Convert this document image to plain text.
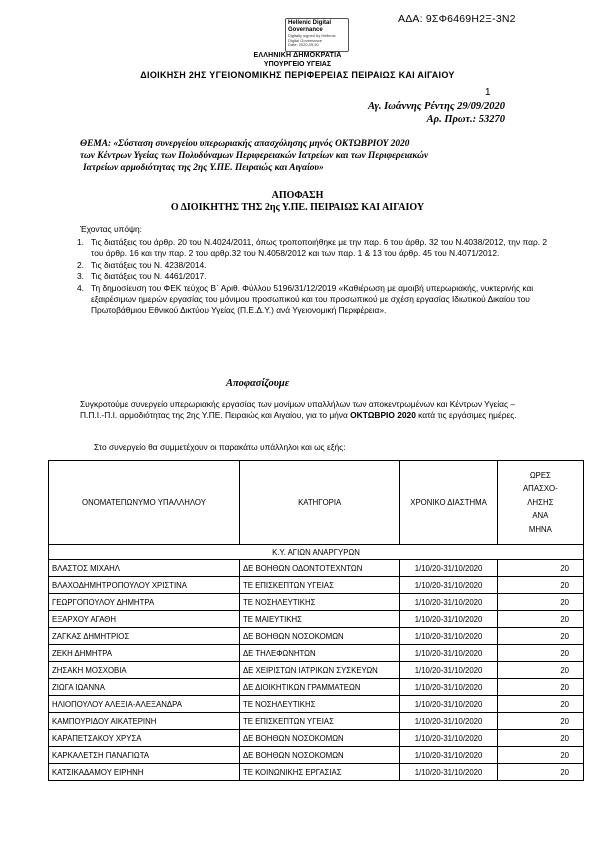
ΑΔΑ: 9ΣΦ6469Η2Ξ-3Ν2
Hellenic Digital Governance
Digitally signed by Hellenic Digital Governance
Date: 2020.09.30
ΕΛΛΗΝΙΚΗ ΔΗΜΟΚΡΑΤΙΑ
ΥΠΟΥΡΓΕΙΟ ΥΓΕΙΑΣ
ΔΙΟΙΚΗΣΗ 2ΗΣ ΥΓΕΙΟΝΟΜΙΚΗΣ ΠΕΡΙΦΕΡΕΙΑΣ ΠΕΙΡΑΙΩΣ ΚΑΙ ΑΙΓΑΙΟΥ
1
Αγ. Ιωάννης Ρέντης 29/09/2020
Αρ. Πρωτ.: 53270
ΘΕΜΑ: «Σύσταση συνεργείου υπερωριακής απασχόλησης μηνός ΟΚΤΩΒΡΙΟΥ 2020
των Κέντρων Υγείας των Πολυδύναμων Περιφερειακών Ιατρείων και των Περιφερειακών
Ιατρείων αρμοδιότητας της 2ης Υ.ΠΕ. Πειραιώς και Αιγαίου»
ΑΠΟΦΑΣΗ
Ο ΔΙΟΙΚΗΤΗΣ ΤΗΣ 2ης Υ.ΠΕ. ΠΕΙΡΑΙΩΣ ΚΑΙ ΑΙΓΑΙΟΥ
Έχοντας υπόψη:
1. Τις διατάξεις του άρθρ. 20 του Ν.4024/2011, όπως τροποποιήθηκε με την παρ. 6 του άρθρ. 32 του Ν.4038/2012, την παρ. 2 του άρθρ. 16 και την παρ. 2 του αρθρ.32 του Ν.4058/2012 και των παρ. 1 & 13 του άρθρ. 45 του Ν.4071/2012.
2. Τις διατάξεις του Ν. 4238/2014.
3. Τις διατάξεις του Ν. 4461/2017.
4. Τη δημοσίευση του ΦΕΚ τεύχος Β΄ Αριθ. Φύλλου 5196/31/12/2019 «Καθιέρωση με αμοιβή υπερωριακής, νυκτερινής και εξαιρέσιμων ημερών εργασίας του μόνιμου προσωπικού και του προσωπικού με σχέση εργασίας Ιδιωτικού Δικαίου του Πρωτοβάθμιου Εθνικού Δικτύου Υγείας (Π.Ε.Δ.Υ.) ανά Υγειονομική Περιφέρεια».
Αποφασίζουμε
Συγκροτούμε συνεργείο υπερωριακής εργασίας των μονίμων υπαλλήλων των αποκεντρωμένων και Κέντρων Υγείας – Π.Π.Ι.-Π.Ι. αρμοδιότητας της 2ης Υ.ΠΕ. Πειραιώς και Αιγαίου, για το μήνα ΟΚΤΩΒΡΙΟ 2020 κατά τις εργάσιμες ημέρες.
Στο συνεργείο θα συμμετέχουν οι παρακάτω υπάλληλοι και ως εξής:
ΟΝΟΜΑΤΕΠΩΝΥΜΟ ΥΠΑΛΛΗΛΟΥ	ΚΑΤΗΓΟΡΙΑ	ΧΡΟΝΙΚΟ ΔΙΑΣΤΗΜΑ	ΩΡΕΣ
ΑΠΑΣΧΟ-
ΛΗΣΗΣ
ΑΝΑ
ΜΗΝΑ

Κ.Υ. ΑΓΙΩΝ ΑΝΑΡΓΥΡΩΝ			
ΒΛΑΣΤΟΣ ΜΙΧΑΗΛ	ΔΕ ΒΟΗΘΩΝ ΟΔΟΝΤΟΤΕΧΝΤΩΝ	1/10/20-31/10/2020	20
ΒΛΑΧΟΔΗΜΗΤΡΟΠΟΥΛΟΥ ΧΡΙΣΤΙΝΑ	ΤΕ ΕΠΙΣΚΕΠΤΩΝ ΥΓΕΙΑΣ	1/10/20-31/10/2020	20
ΓΕΩΡΓΟΠΟΥΛΟΥ ΔΗΜΗΤΡΑ	ΤΕ ΝΟΣΗΛΕΥΤΙΚΗΣ	1/10/20-31/10/2020	20
ΕΞΑΡΧΟΥ ΑΓΑΘΗ	ΤΕ ΜΑΙΕΥΤΙΚΗΣ	1/10/20-31/10/2020	20
ΖΑΓΚΑΣ ΔΗΜΗΤΡΙΟΣ	ΔΕ ΒΟΗΘΩΝ ΝΟΣΟΚΟΜΩΝ	1/10/20-31/10/2020	20
ΖΕΚΗ ΔΗΜΗΤΡΑ	ΔΕ ΤΗΛΕΦΩΝΗΤΩΝ	1/10/20-31/10/2020	20
ΖΗΣΑΚΗ ΜΟΣΧΟΒΙΑ	ΔΕ ΧΕΙΡΙΣΤΩΝ ΙΑΤΡΙΚΩΝ ΣΥΣΚΕΥΩΝ	1/10/20-31/10/2020	20
ΖΙΩΓΑ ΙΩΑΝΝΑ	ΔΕ ΔΙΟΙΚΗΤΙΚΩΝ ΓΡΑΜΜΑΤΕΩΝ	1/10/20-31/10/2020	20
ΗΛΙΟΠΟΥΛΟΥ ΑΛΕΞΙΑ-ΑΛΕΞΑΝΔΡΑ	ΤΕ ΝΟΣΗΛΕΥΤΙΚΗΣ	1/10/20-31/10/2020	20
ΚΑΜΠΟΥΡΙΔΟΥ ΑΙΚΑΤΕΡΙΝΗ	ΤΕ ΕΠΙΣΚΕΠΤΩΝ ΥΓΕΙΑΣ	1/10/20-31/10/2020	20
ΚΑΡΑΠΕΤΣΑΚΟΥ ΧΡΥΣΑ	ΔΕ ΒΟΗΘΩΝ ΝΟΣΟΚΟΜΩΝ	1/10/20-31/10/2020	20
ΚΑΡΚΑΛΕΤΣΗ ΠΑΝΑΓΙΩΤΑ	ΔΕ ΒΟΗΘΩΝ ΝΟΣΟΚΟΜΩΝ	1/10/20-31/10/2020	20
ΚΑΤΣΙΚΑΔΑΜΟΥ ΕΙΡΗΝΗ	ΤΕ ΚΟΙΝΩΝΙΚΗΣ ΕΡΓΑΣΙΑΣ	1/10/20-31/10/2020	20
